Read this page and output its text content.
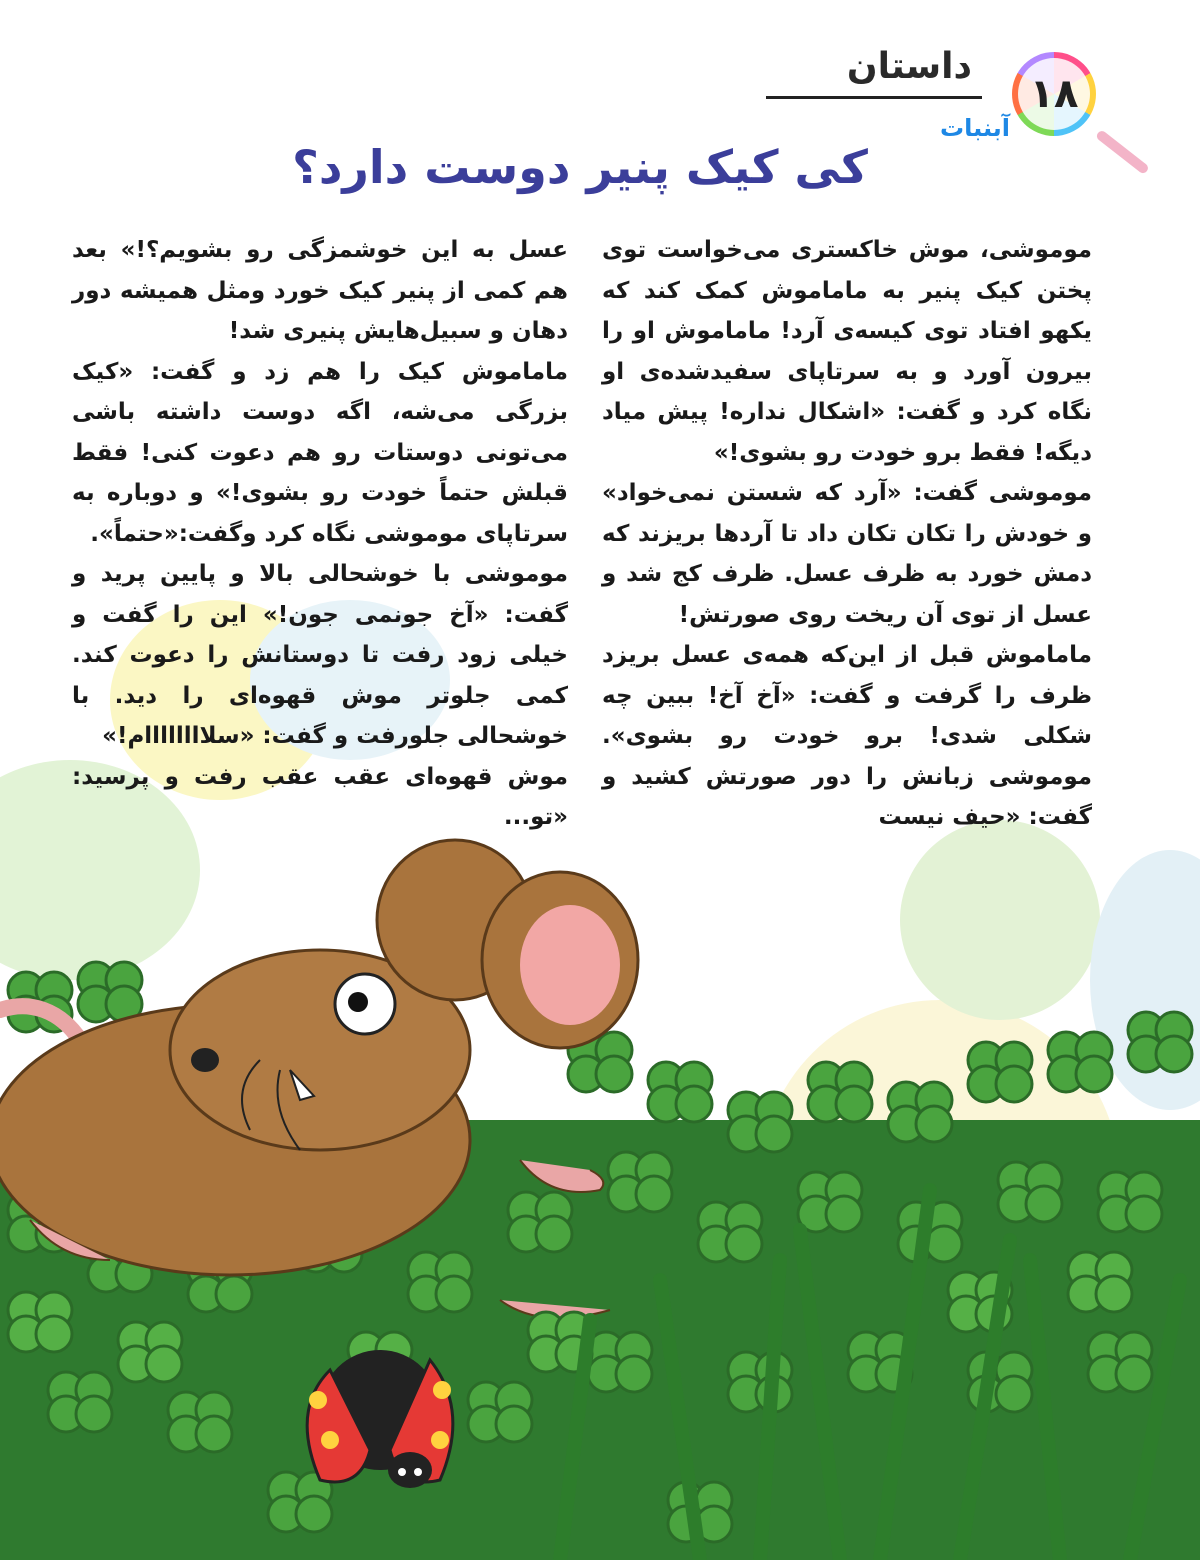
داستان
۱۸
آبنبات
کی کیک پنیر دوست دارد؟

موموشی، موش خاکستری می‌خواست توی پختن کیک پنیر به ماماموش کمک کند که یکهو افتاد توی کیسه‌ی آرد! ماماموش او را بیرون آورد و به سرتاپای سفیدشده‌ی او نگاه کرد و گفت: «اشکال نداره! پیش میاد دیگه! فقط برو خودت رو بشوی!»

موموشی گفت: «آرد که شستن نمی‌خواد» و خودش را تکان تکان داد تا آردها بریزند که دمش خورد به ظرف عسل. ظرف کج شد و عسل از توی آن ریخت روی صورتش!

ماماموش قبل از این‌که همه‌ی عسل بریزد ظرف را گرفت و گفت: «آخ آخ! ببین چه شکلی شدی! برو خودت رو بشوی». موموشی زبانش را دور صورتش کشید و گفت: «حیف نیست

عسل به این خوشمزگی رو بشویم؟!» بعد هم کمی از پنیر کیک خورد ومثل همیشه دور دهان و سبیل‌هایش پنیری شد!

ماماموش کیک را هم زد و گفت: «کیک بزرگی می‌شه، اگه دوست داشته باشی می‌تونی دوستات رو هم دعوت کنی! فقط قبلش حتماً خودت رو بشوی!» و دوباره به سرتاپای موموشی نگاه کرد وگفت:«حتماً».

موموشی با خوشحالی بالا و پایین پرید و گفت: «آخ جونمی جون!» این را گفت و خیلی زود رفت تا دوستانش را دعوت کند. کمی جلوتر موش قهوه‌ای را دید. با خوشحالی جلورفت و گفت: «سلاااااااام!»

موش قهوه‌ای عقب عقب رفت و پرسید: «تو...
